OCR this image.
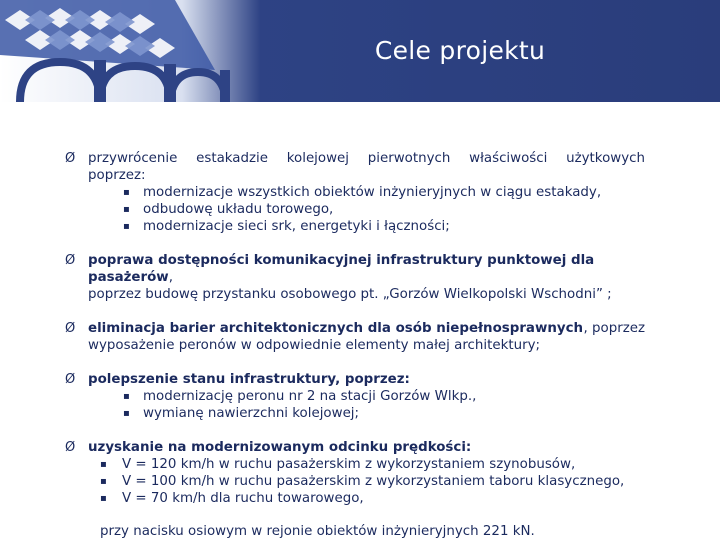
Cele projektu
Ø przywrócenie estakadzie kolejowej pierwotnych właściwości użytkowych
poprzez:
▪ modernizacje wszystkich obiektów inżynieryjnych w ciągu estakady,
▪ odbudowę układu torowego,
▪ modernizacje sieci srk, energetyki i łączności;
Ø poprawa dostępności komunikacyjnej infrastruktury punktowej dla pasażerów,
poprzez budowę przystanku osobowego pt. „Gorzów Wielkopolski Wschodni” ;
Ø eliminacja barier architektonicznych dla osób niepełnosprawnych , poprzez
wyposażenie peronów w odpowiednie elementy małej architektury;
Ø polepszenie stanu infrastruktury, poprzez:
▪ modernizację peronu nr 2 na stacji Gorzów Wlkp.,
▪ wymianę nawierzchni kolejowej;
Ø uzyskanie na modernizowanym odcinku prędkości:
▪ V = 120 km/h w ruchu pasażerskim z wykorzystaniem szynobusów,
▪ V = 100 km/h w ruchu pasażerskim z wykorzystaniem taboru klasycznego,
▪ V = 70 km/h dla ruchu towarowego,
przy nacisku osiowym w rejonie obiektów inżynieryjnych 221 kN.
